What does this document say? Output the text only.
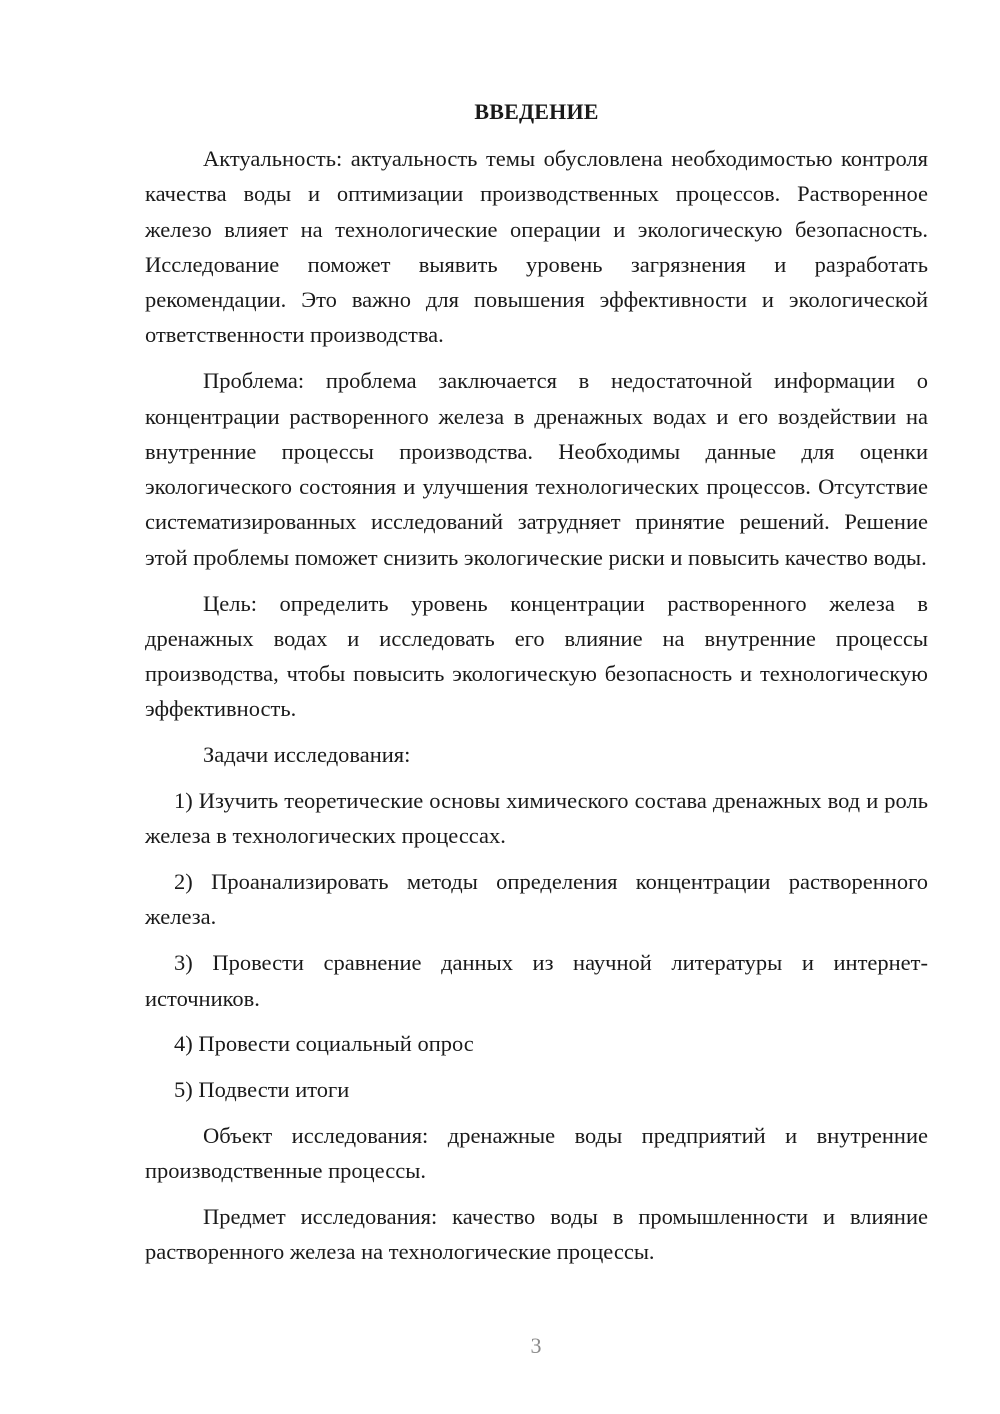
ВВЕДЕНИЕ

Актуальность: актуальность темы обусловлена необходимостью контроля качества воды и оптимизации производственных процессов. Растворенное железо влияет на технологические операции и экологическую безопасность. Исследование поможет выявить уровень загрязнения и разработать рекомендации. Это важно для повышения эффективности и экологической ответственности производства.

Проблема: проблема заключается в недостаточной информации о концентрации растворенного железа в дренажных водах и его воздействии на внутренние процессы производства. Необходимы данные для оценки экологического состояния и улучшения технологических процессов. Отсутствие систематизированных исследований затрудняет принятие решений. Решение этой проблемы поможет снизить экологические риски и повысить качество воды.

Цель: определить уровень концентрации растворенного железа в дренажных водах и исследовать его влияние на внутренние процессы производства, чтобы повысить экологическую безопасность и технологическую эффективность.

Задачи исследования:

1) Изучить теоретические основы химического состава дренажных вод и роль железа в технологических процессах.

2) Проанализировать методы определения концентрации растворенного железа.

3) Провести сравнение данных из научной литературы и интернет-источников.

4) Провести социальный опрос

5) Подвести итоги

Объект исследования: дренажные воды предприятий и внутренние производственные процессы.

Предмет исследования: качество воды в промышленности и влияние растворенного железа на технологические процессы.

3
